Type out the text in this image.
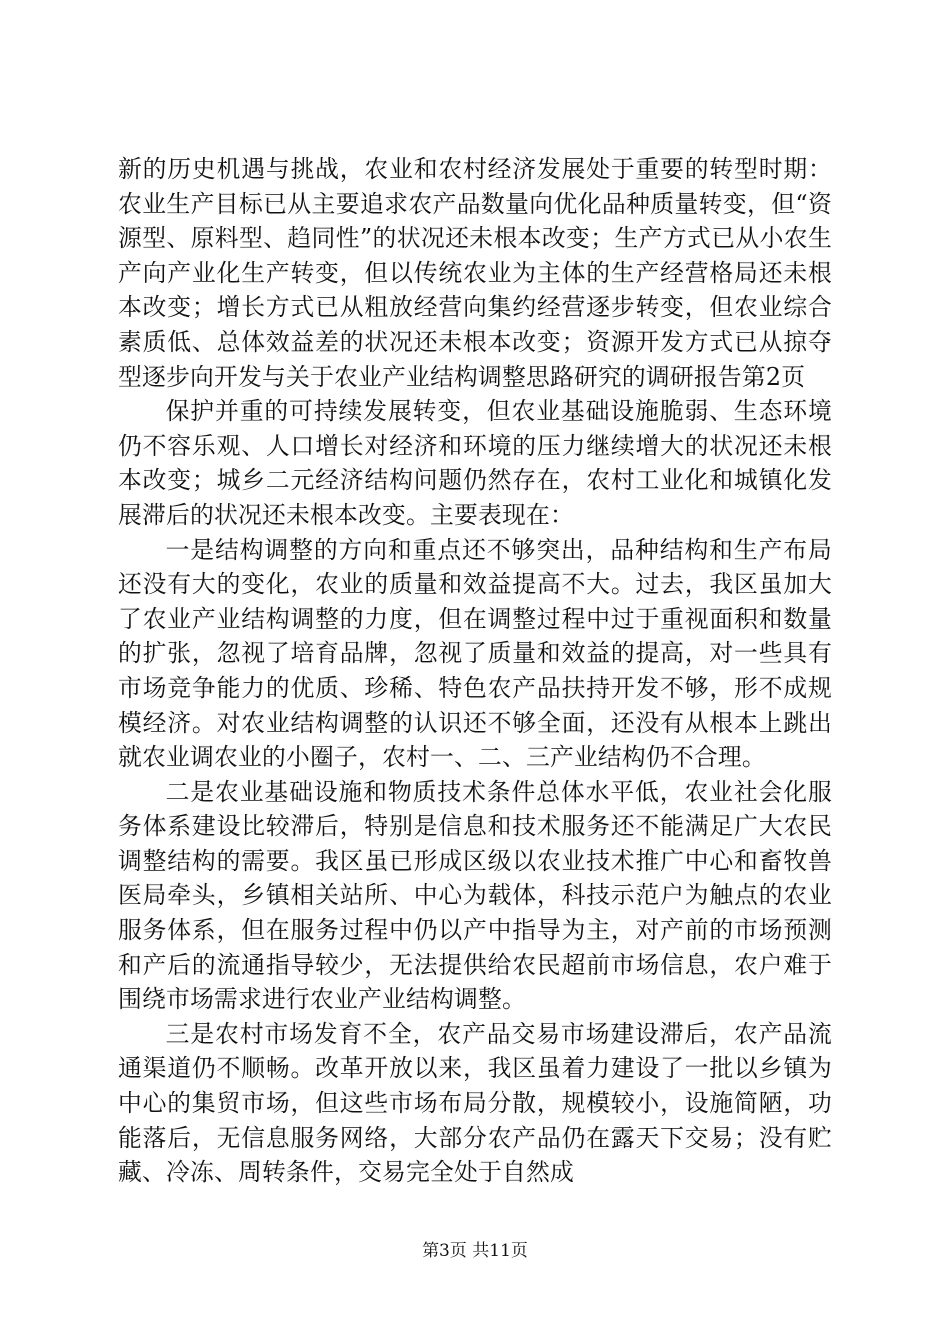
新的历史机遇与挑战，农业和农村经济发展处于重要的转型时期：农业生产目标已从主要追求农产品数量向优化品种质量转变，但“资源型、原料型、趋同性”的状况还未根本改变；生产方式已从小农生产向产业化生产转变，但以传统农业为主体的生产经营格局还未根本改变；增长方式已从粗放经营向集约经营逐步转变，但农业综合素质低、总体效益差的状况还未根本改变；资源开发方式已从掠夺型逐步向开发与关于农业产业结构调整思路研究的调研报告第2页

保护并重的可持续发展转变，但农业基础设施脆弱、生态环境仍不容乐观、人口增长对经济和环境的压力继续增大的状况还未根本改变；城乡二元经济结构问题仍然存在，农村工业化和城镇化发展滞后的状况还未根本改变。主要表现在：

一是结构调整的方向和重点还不够突出，品种结构和生产布局还没有大的变化，农业的质量和效益提高不大。过去，我区虽加大了农业产业结构调整的力度，但在调整过程中过于重视面积和数量的扩张，忽视了培育品牌，忽视了质量和效益的提高，对一些具有市场竞争能力的优质、珍稀、特色农产品扶持开发不够，形不成规模经济。对农业结构调整的认识还不够全面，还没有从根本上跳出就农业调农业的小圈子，农村一、二、三产业结构仍不合理。

二是农业基础设施和物质技术条件总体水平低，农业社会化服务体系建设比较滞后，特别是信息和技术服务还不能满足广大农民调整结构的需要。我区虽已形成区级以农业技术推广中心和畜牧兽医局牵头，乡镇相关站所、中心为载体，科技示范户为触点的农业服务体系，但在服务过程中仍以产中指导为主，对产前的市场预测和产后的流通指导较少，无法提供给农民超前市场信息，农户难于围绕市场需求进行农业产业结构调整。

三是农村市场发育不全，农产品交易市场建设滞后，农产品流通渠道仍不顺畅。改革开放以来，我区虽着力建设了一批以乡镇为中心的集贸市场，但这些市场布局分散，规模较小，设施简陋，功能落后，无信息服务网络，大部分农产品仍在露天下交易；没有贮藏、冷冻、周转条件，交易完全处于自然成

第3页 共11页
